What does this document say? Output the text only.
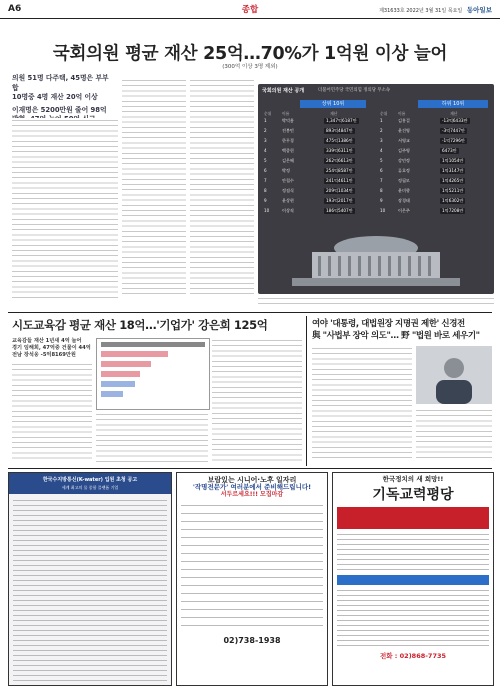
A6	종합	제31633호 2022년 3월 31일 목요일 동아일보
국회의원 평균 재산 25억…70%가 1억원 이상 늘어
(300억 이상 3명 제외)
의원 51명 다주택, 45명은 부부합
10명중 4명 재산 20억 이상
이재명은 5200만원 줄어 98억
국회의원 재산 공개	더불어민주당 국민의힘 정의당 무소속
상위 10위	하위 10위
순위	이름	재산	순위	이름	재산
1	박덕흠	1,347억6187만
2	전봉민	893억4847만
3	한무경	475억1386만
4	백종헌	339억6311만
5	김은혜	262억6613만
6	박정	254억8587만
7	안철수	241억4611만
8	정점식	209억1034만
9	윤상현	193억2017만
10	이상직	186억5407만
1	김홍걸	-13억6433만
2	윤건영	-3억7447만
3	서영교	-1억7296만
4	김주영	6473만
5	강민정	1억1054만
6	류호정	1억3147만
7	정필모	1억4265만
8	윤미향	1억5211만
9	장경태	1억6302만
10	이은주	1억7208만
시도교육감 평균 재산 18억…'기업가' 강은희 125억
교육감들 재산 1년새 4억 늘어
경기 임해희, 47억중 건물이 44억
전남 장석웅 -5억8169만원
여야 '대통령, 대법원장 지명권 제한' 신경전
與 "사법부 장악 의도"… 野 "법원 바로 세우기"
한국수지방통신(K-water) 입원 초청 공고
세계 최고의 물 종합 플랫폼 기업
보람있는 시니어·노후 일자리
'작명전문가' 여러분에서 준비해드립니다!
서두르세요!!! 모집마감
02)738-1938
한국정치의 새 희망!!
기독교력평당
전화 : 02)868-7735
